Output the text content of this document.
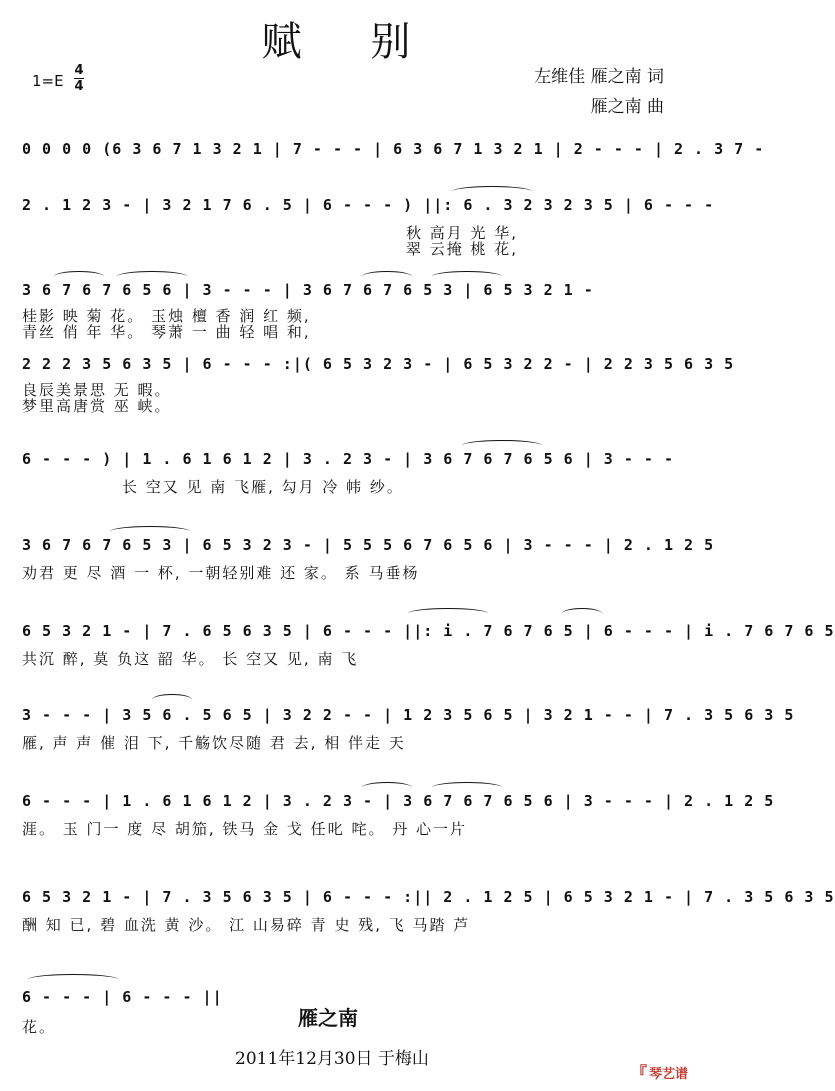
赋 别
1=E
4
4	左维佳 雁之南 词
雁之南 曲
0 0 0 0 (6 3 6 7 1 3 2 1 | 7 - - - | 6 3 6 7 1 3 2 1 | 2 - - - | 2 . 3 7 -
2 . 1 2 3 - | 3 2 1 7 6 . 5 | 6 - - - ) ||: 6 . 3 2 3 2 3 5 | 6 - - -
秋 高月 光 华,
翠 云掩 桃 花,
3 6 7 6 7 6 5 6 | 3 - - - | 3 6 7 6 7 6 5 3 | 6 5 3 2 1 -
桂影 映 菊 花。 玉烛 檀 香 润 红 频,
青丝 俏 年 华。 琴萧 一 曲 轻 唱 和,
2 2 2 3 5 6 3 5 | 6 - - - :|( 6 5 3 2 3 - | 6 5 3 2 2 - | 2 2 3 5 6 3 5
良辰美景思 无 暇。
梦里高唐赏 巫 峡。
6 - - - ) | 1 . 6 1 6 1 2 | 3 . 2 3 - | 3 6 7 6 7 6 5 6 | 3 - - -
长 空又 见 南 飞雁, 勾月 冷 帏 纱。
3 6 7 6 7 6 5 3 | 6 5 3 2 3 - | 5 5 5 6 7 6 5 6 | 3 - - - | 2 . 1 2 5
劝君 更 尽 酒 一 杯, 一朝轻别难 还 家。 系 马垂杨
6 5 3 2 1 - | 7 . 6 5 6 3 5 | 6 - - - ||: i . 7 6 7 6 5 | 6 - - - | i . 7 6 7 6 5
共沉 醉, 莫 负这 韶 华。 长 空又 见, 南 飞
3 - - - | 3 5 6 . 5 6 5 | 3 2 2 - - | 1 2 3 5 6 5 | 3 2 1 - - | 7 . 3 5 6 3 5
雁, 声 声 催 泪 下, 千觞饮尽随 君 去, 相 伴走 天
6 - - - | 1 . 6 1 6 1 2 | 3 . 2 3 - | 3 6 7 6 7 6 5 6 | 3 - - - | 2 . 1 2 5
涯。 玉 门一 度 尽 胡笳, 铁马 金 戈 任叱 咤。 丹 心一片
6 5 3 2 1 - | 7 . 3 5 6 3 5 | 6 - - - :|| 2 . 1 2 5 | 6 5 3 2 1 - | 7 . 3 5 6 3 5
酬 知 已, 碧 血洗 黄 沙。 江 山易碎 青 史 残, 飞 马踏 芦
6 - - - | 6 - - - ||
花。	雁之南
2011年12月30日 于梅山
『 琴艺谱
